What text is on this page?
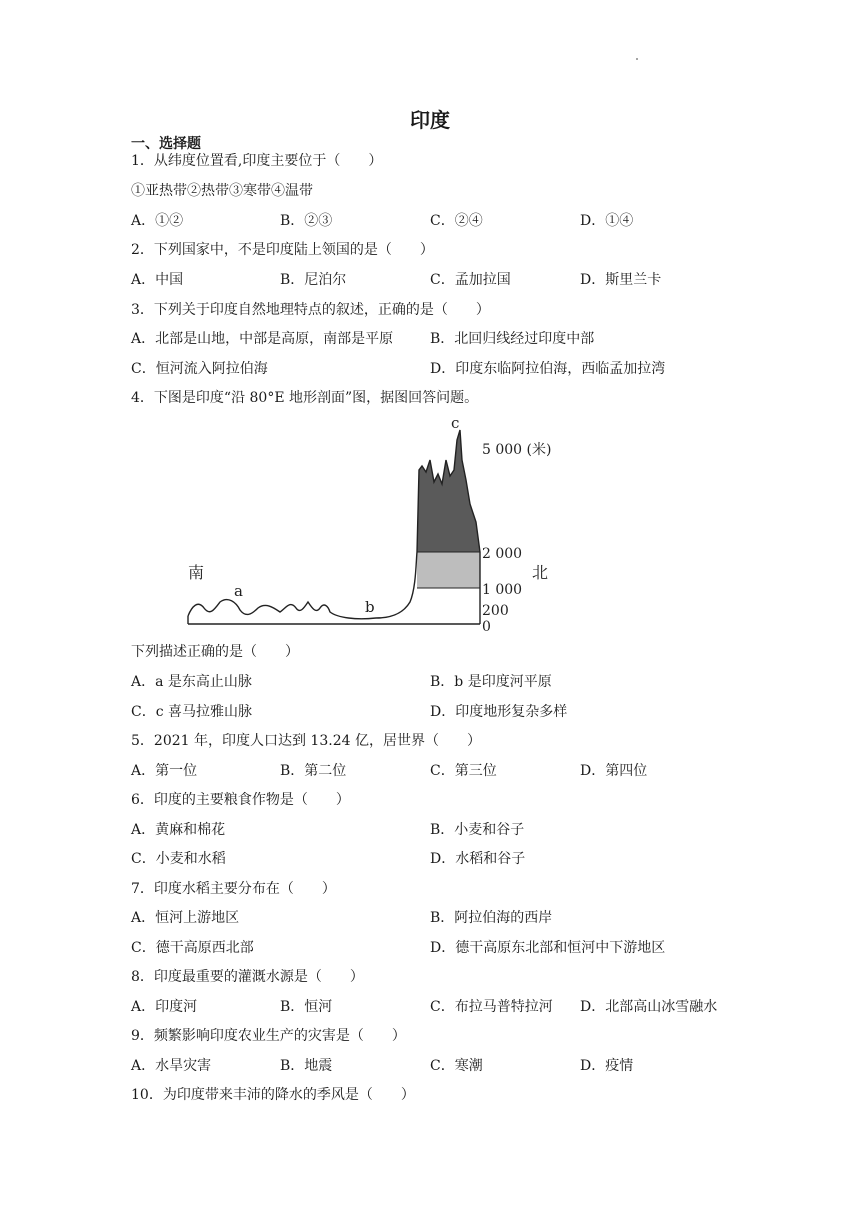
印度
一、选择题
1．从纬度位置看,印度主要位于（　　）
①亚热带②热带③寒带④温带
A．①②	B．②③	C．②④	D．①④
2．下列国家中，不是印度陆上领国的是（　　）
A．中国	B．尼泊尔	C．孟加拉国	D．斯里兰卡
3．下列关于印度自然地理特点的叙述，正确的是（　　）
A．北部是山地，中部是高原，南部是平原	B．北回归线经过印度中部
C．恒河流入阿拉伯海	D．印度东临阿拉伯海，西临孟加拉湾
4．下图是印度“沿 80°E 地形剖面”图，据图回答问题。
南	北
a
b
c
5 000 (米)
2 000
1 000
200
0
下列描述正确的是（　　）
A．a 是东高止山脉	B．b 是印度河平原
C．c 喜马拉雅山脉	D．印度地形复杂多样
5．2021 年，印度人口达到 13.24 亿，居世界（　　）
A．第一位	B．第二位	C．第三位	D．第四位
6．印度的主要粮食作物是（　　）
A．黄麻和棉花	B．小麦和谷子
C．小麦和水稻	D．水稻和谷子
7．印度水稻主要分布在（　　）
A．恒河上游地区	B．阿拉伯海的西岸
C．德干高原西北部	D．德干高原东北部和恒河中下游地区
8．印度最重要的灌溉水源是（　　）
A．印度河	B．恒河	C．布拉马普特拉河 D．北部高山冰雪融水
9．频繁影响印度农业生产的灾害是（　　）
A．水旱灾害	B．地震	C．寒潮	D．疫情
10．为印度带来丰沛的降水的季风是（　　）
